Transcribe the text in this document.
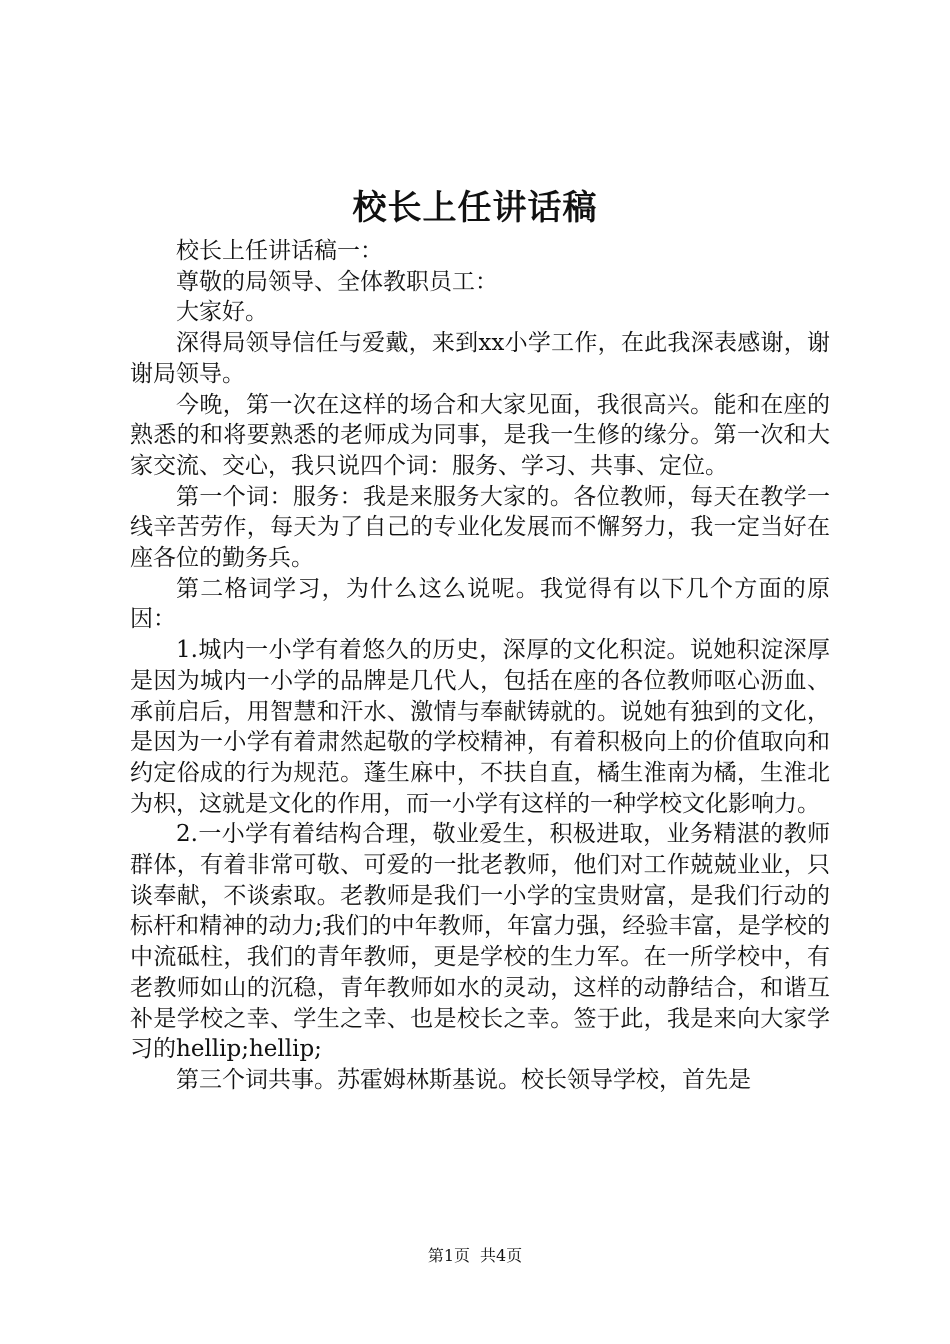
校长上任讲话稿

校长上任讲话稿一：

尊敬的局领导、全体教职员工：

大家好。

深得局领导信任与爱戴，来到xx小学工作，在此我深表感谢，谢谢局领导。

今晚，第一次在这样的场合和大家见面，我很高兴。能和在座的熟悉的和将要熟悉的老师成为同事，是我一生修的缘分。第一次和大家交流、交心，我只说四个词：服务、学习、共事、定位。

第一个词：服务：我是来服务大家的。各位教师，每天在教学一线辛苦劳作，每天为了自己的专业化发展而不懈努力，我一定当好在座各位的勤务兵。

第二格词学习，为什么这么说呢。我觉得有以下几个方面的原因：

1.城内一小学有着悠久的历史，深厚的文化积淀。说她积淀深厚是因为城内一小学的品牌是几代人，包括在座的各位教师呕心沥血、承前启后，用智慧和汗水、激情与奉献铸就的。说她有独到的文化，是因为一小学有着肃然起敬的学校精神，有着积极向上的价值取向和约定俗成的行为规范。蓬生麻中，不扶自直，橘生淮南为橘，生淮北为枳，这就是文化的作用，而一小学有这样的一种学校文化影响力。

2.一小学有着结构合理，敬业爱生，积极进取，业务精湛的教师群体，有着非常可敬、可爱的一批老教师，他们对工作兢兢业业，只谈奉献，不谈索取。老教师是我们一小学的宝贵财富，是我们行动的标杆和精神的动力;我们的中年教师，年富力强，经验丰富，是学校的中流砥柱，我们的青年教师，更是学校的生力军。在一所学校中，有老教师如山的沉稳，青年教师如水的灵动，这样的动静结合，和谐互补是学校之幸、学生之幸、也是校长之幸。签于此，我是来向大家学习的hellip;hellip;

第三个词共事。苏霍姆林斯基说。校长领导学校，首先是

第1页 共4页
